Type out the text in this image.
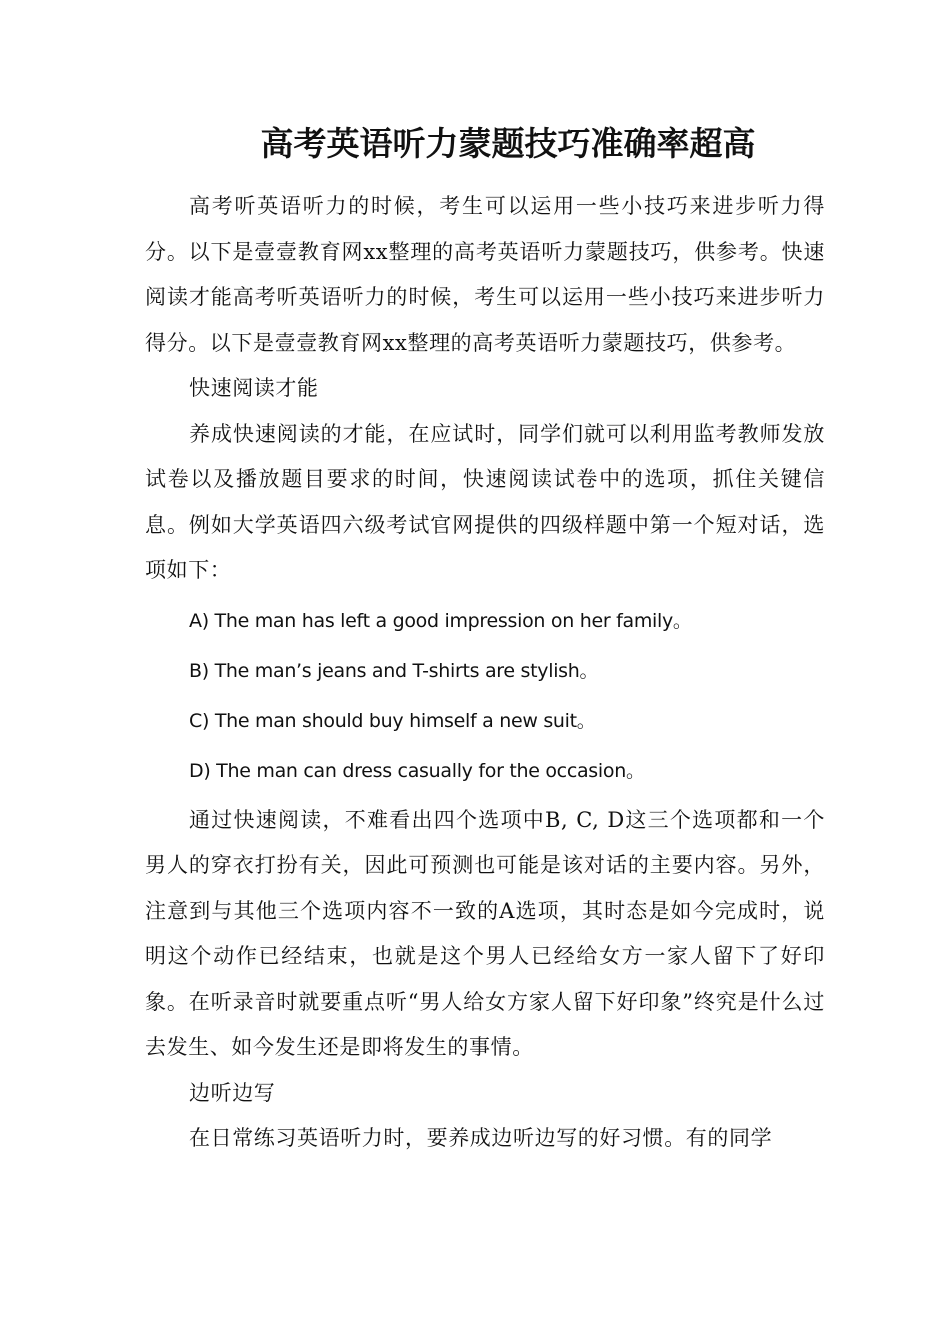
高考英语听力蒙题技巧准确率超高

高考听英语听力的时候，考生可以运用一些小技巧来进步听力得分。以下是壹壹教育网xx整理的高考英语听力蒙题技巧，供参考。快速阅读才能高考听英语听力的时候，考生可以运用一些小技巧来进步听力得分。以下是壹壹教育网xx整理的高考英语听力蒙题技巧，供参考。

快速阅读才能

养成快速阅读的才能，在应试时，同学们就可以利用监考教师发放试卷以及播放题目要求的时间，快速阅读试卷中的选项，抓住关键信息。例如大学英语四六级考试官网提供的四级样题中第一个短对话，选项如下：

A) The man has left a good impression on her family。

B) The man’s jeans and T-shirts are stylish。

C) The man should buy himself a new suit。

D) The man can dress casually for the occasion。

通过快速阅读，不难看出四个选项中B, C, D这三个选项都和一个男人的穿衣打扮有关，因此可预测也可能是该对话的主要内容。另外，注意到与其他三个选项内容不一致的A选项，其时态是如今完成时，说明这个动作已经结束，也就是这个男人已经给女方一家人留下了好印象。在听录音时就要重点听“男人给女方家人留下好印象”终究是什么过去发生、如今发生还是即将发生的事情。

边听边写

在日常练习英语听力时，要养成边听边写的好习惯。有的同学
